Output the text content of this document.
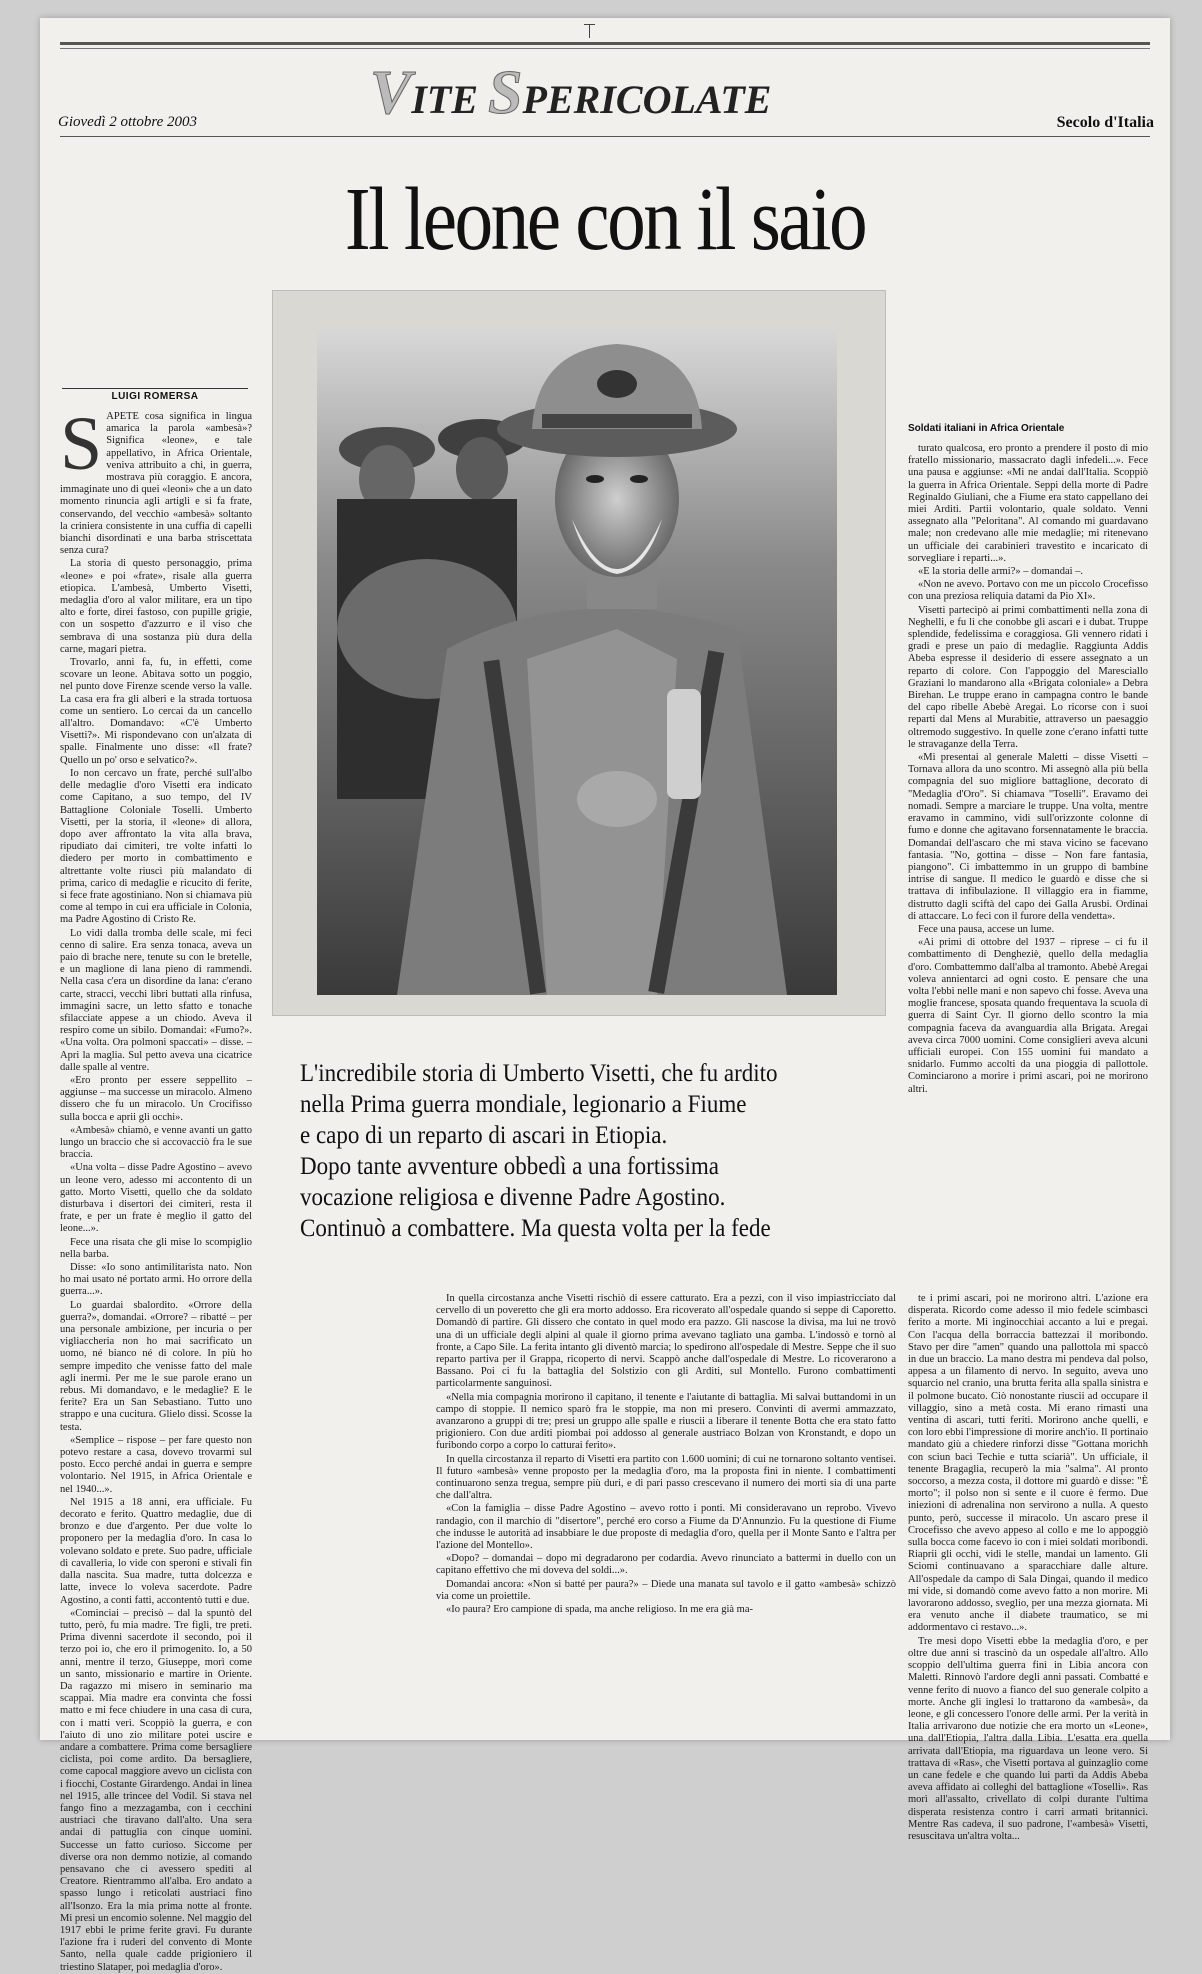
VITE SPERICOLATE
Giovedì 2 ottobre 2003	Secolo d'Italia
Il leone con il saio
LUIGI ROMERSA
S APETE cosa significa in lingua amarica la parola «ambesà»? Significa «leone», e tale appellativo, in Africa Orientale, veniva attribuito a chi, in guerra, mostrava più coraggio. E ancora, immaginate uno di quei «leoni» che a un dato momento rinuncia agli artigli e si fa frate, conservando, del vecchio «ambesà» soltanto la criniera consistente in una cuffia di capelli bianchi disordinati e una barba striscettata senza cura?

La storia di questo personaggio, prima «leone» e poi «frate», risale alla guerra etiopica. L'ambesà, Umberto Visetti, medaglia d'oro al valor militare, era un tipo alto e forte, direi fastoso, con pupille grigie, con un sospetto d'azzurro e il viso che sembrava di una sostanza più dura della carne, magari pietra.

Trovarlo, anni fa, fu, in effetti, come scovare un leone. Abitava sotto un poggio, nel punto dove Firenze scende verso la valle. La casa era fra gli alberi e la strada tortuosa come un sentiero. Lo cercai da un cancello all'altro. Domandavo: «C'è Umberto Visetti?». Mi rispondevano con un'alzata di spalle. Finalmente uno disse: «Il frate? Quello un po' orso e selvatico?».

Io non cercavo un frate, perché sull'albo delle medaglie d'oro Visetti era indicato come Capitano, a suo tempo, del IV Battaglione Coloniale Toselli. Umberto Visetti, per la storia, il «leone» di allora, dopo aver affrontato la vita alla brava, ripudiato dai cimiteri, tre volte infatti lo diedero per morto in combattimento e altrettante volte riuscì più malandato di prima, carico di medaglie e ricucito di ferite, si fece frate agostiniano. Non si chiamava più come al tempo in cui era ufficiale in Colonia, ma Padre Agostino di Cristo Re.

Lo vidi dalla tromba delle scale, mi feci cenno di salire. Era senza tonaca, aveva un paio di brache nere, tenute su con le bretelle, e un maglione di lana pieno di rammendi. Nella casa c'era un disordine da lana: c'erano carte, stracci, vecchi libri buttati alla rinfusa, immagini sacre, un letto sfatto e tonache sfilacciate appese a un chiodo. Aveva il respiro come un sibilo. Domandai: «Fumo?». «Una volta. Ora polmoni spaccati» – disse. – Apri la maglia. Sul petto aveva una cicatrice dalle spalle al ventre.

«Ero pronto per essere seppellito – aggiunse – ma successe un miracolo. Almeno dissero che fu un miracolo. Un Crocifisso sulla bocca e aprii gli occhi».

«Ambesà» chiamò, e venne avanti un gatto lungo un braccio che si accovacciò fra le sue braccia.

«Una volta – disse Padre Agostino – avevo un leone vero, adesso mi accontento di un gatto. Morto Visetti, quello che da soldato disturbava i disertori dei cimiteri, resta il frate, e per un frate è meglio il gatto del leone...».

Fece una risata che gli mise lo scompiglio nella barba.

Disse: «Io sono antimilitarista nato. Non ho mai usato né portato armi. Ho orrore della guerra...».

Lo guardai sbalordito. «Orrore della guerra?», domandai. «Orrore? – ribatté – per una personale ambizione, per incuria o per vigliaccheria non ho mai sacrificato un uomo, né bianco né di colore. In più ho sempre impedito che venisse fatto del male agli inermi. Per me le sue parole erano un rebus. Mi domandavo, e le medaglie? E le ferite? Era un San Sebastiano. Tutto uno strappo e una cucitura. Glielo dissi. Scosse la testa.

«Semplice – rispose – per fare questo non potevo restare a casa, dovevo trovarmi sul posto. Ecco perché andai in guerra e sempre volontario. Nel 1915, in Africa Orientale e nel 1940...».

Nel 1915 a 18 anni, era ufficiale. Fu decorato e ferito. Quattro medaglie, due di bronzo e due d'argento. Per due volte lo proponero per la medaglia d'oro. In casa lo volevano soldato e prete. Suo padre, ufficiale di cavalleria, lo vide con speroni e stivali fin dalla nascita. Sua madre, tutta dolcezza e latte, invece lo voleva sacerdote. Padre Agostino, a conti fatti, accontentò tutti e due.

«Cominciai – precisò – dal la spuntò del tutto, però, fu mia madre. Tre figli, tre preti. Prima divenni sacerdote il secondo, poi il terzo poi io, che ero il primogenito. Io, a 50 anni, mentre il terzo, Giuseppe, morì come un santo, missionario e martire in Oriente. Da ragazzo mi misero in seminario ma scappai. Mia madre era convinta che fossi matto e mi fece chiudere in una casa di cura, con i matti veri. Scoppiò la guerra, e con l'aiuto di uno zio militare potei uscire e andare a combattere. Prima come bersagliere ciclista, poi come ardito. Da bersagliere, come capocal maggiore avevo un ciclista con i fiocchi, Costante Girardengo. Andai in linea nel 1915, alle trincee del Vodil. Si stava nel fango fino a mezzagamba, con i cecchini austriaci che tiravano dall'alto. Una sera andai di pattuglia con cinque uomini. Successe un fatto curioso. Siccome per diverse ora non demmo notizie, al comando pensavano che ci avessero spediti al Creatore. Rientrammo all'alba. Ero andato a spasso lungo i reticolati austriaci fino all'Isonzo. Era la mia prima notte al fronte. Mi presi un encomio solenne. Nel maggio del 1917 ebbi le prime ferite gravi. Fu durante l'azione fra i ruderi del convento di Monte Santo, nella quale cadde prigioniero il triestino Slataper, poi medaglia d'oro».

Soldati italiani in Africa Orientale

turato qualcosa, ero pronto a prendere il posto di mio fratello missionario, massacrato dagli infedeli...». Fece una pausa e aggiunse: «Mi ne andai dall'Italia. Scoppiò la guerra in Africa Orientale. Seppi della morte di Padre Reginaldo Giuliani, che a Fiume era stato cappellano dei miei Arditi. Partii volontario, quale soldato. Venni assegnato alla "Peloritana". Al comando mi guardavano male; non credevano alle mie medaglie; mi ritenevano un ufficiale dei carabinieri travestito e incaricato di sorvegliare i reparti...».

«E la storia delle armi?» – domandai –.

«Non ne avevo. Portavo con me un piccolo Crocefisso con una preziosa reliquia datami da Pio XI».

Visetti partecipò ai primi combattimenti nella zona di Neghelli, e fu lì che conobbe gli ascari e i dubat. Truppe splendide, fedelissima e coraggiosa. Gli vennero ridati i gradi e prese un paio di medaglie. Raggiunta Addis Abeba espresse il desiderio di essere assegnato a un reparto di colore. Con l'appoggio del Maresciallo Graziani lo mandarono alla «Brigata coloniale» a Debra Birehan. Le truppe erano in campagna contro le bande del capo ribelle Abebè Aregai. Lo ricorse con i suoi reparti dal Mens al Murabitie, attraverso un paesaggio oltremodo suggestivo. In quelle zone c'erano infatti tutte le stravaganze della Terra.

«Mi presentai al generale Maletti – disse Visetti – Tornava allora da uno scontro. Mi assegnò alla più bella compagnia del suo migliore battaglione, decorato di "Medaglia d'Oro". Si chiamava "Toselli". Eravamo dei nomadi. Sempre a marciare le truppe. Una volta, mentre eravamo in cammino, vidi sull'orizzonte colonne di fumo e donne che agitavano forsennatamente le braccia. Domandai dell'ascaro che mi stava vicino se facevano fantasia. "No, gottina – disse – Non fare fantasia, piangono". Ci imbattemmo in un gruppo di bambine intrise di sangue. Il medico le guardò e disse che si trattava di infibulazione. Il villaggio era in fiamme, distrutto dagli sciftà del capo dei Galla Arusbi. Ordinai di attaccare. Lo feci con il furore della vendetta».

Fece una pausa, accese un lume.

«Ai primi di ottobre del 1937 – riprese – ci fu il combattimento di Dengheziè, quello della medaglia d'oro. Combattemmo dall'alba al tramonto. Abebè Aregai voleva annientarci ad ogni costo. E pensare che una volta l'ebbi nelle mani e non sapevo chi fosse. Aveva una moglie francese, sposata quando frequentava la scuola di guerra di Saint Cyr. Il giorno dello scontro la mia compagnia faceva da avanguardia alla Brigata. Aregai aveva circa 7000 uomini. Come consiglieri aveva alcuni ufficiali europei. Con 155 uomini fui mandato a snidarlo. Fummo accolti da una pioggia di pallottole. Cominciarono a morire i primi ascari, poi ne morirono altri.

L'incredibile storia di Umberto Visetti, che fu ardito
nella Prima guerra mondiale, legionario a Fiume
e capo di un reparto di ascari in Etiopia.
Dopo tante avventure obbedì a una fortissima
vocazione religiosa e divenne Padre Agostino.
Continuò a combattere. Ma questa volta per la fede

In quella circostanza anche Visetti rischiò di essere catturato. Era a pezzi, con il viso impiastricciato dal cervello di un poveretto che gli era morto addosso. Era ricoverato all'ospedale quando si seppe di Caporetto. Domandò di partire. Gli dissero che contato in quel modo era pazzo. Gli nascose la divisa, ma lui ne trovò una di un ufficiale degli alpini al quale il giorno prima avevano tagliato una gamba. L'indossò e tornò al fronte, a Capo Sile. La ferita intanto gli diventò marcia; lo spedirono all'ospedale di Mestre. Seppe che il suo reparto partiva per il Grappa, ricoperto di nervi. Scappò anche dall'ospedale di Mestre. Lo ricoverarono a Bassano. Poi ci fu la battaglia del Solstizio con gli Arditi, sul Montello. Furono combattimenti particolarmente sanguinosi.

«Nella mia compagnia morirono il capitano, il tenente e l'aiutante di battaglia. Mi salvai buttandomi in un campo di stoppie. Il nemico sparò fra le stoppie, ma non mi presero. Convinti di avermi ammazzato, avanzarono a gruppi di tre; presi un gruppo alle spalle e riuscii a liberare il tenente Botta che era stato fatto prigioniero. Con due arditi piombai poi addosso al generale austriaco Bolzan von Kronstandt, e dopo un furibondo corpo a corpo lo catturai ferito».

In quella circostanza il reparto di Visetti era partito con 1.600 uomini; di cui ne tornarono soltanto ventisei. Il futuro «ambesà» venne proposto per la medaglia d'oro, ma la proposta finì in niente. I combattimenti continuarono senza tregua, sempre più duri, e di pari passo crescevano il numero dei morti sia di una parte che dall'altra.

«Con la famiglia – disse Padre Agostino – avevo rotto i ponti. Mi consideravano un reprobo. Vivevo randagio, con il marchio di "disertore", perché ero corso a Fiume da D'Annunzio. Fu la questione di Fiume che indusse le autorità ad insabbiare le due proposte di medaglia d'oro, quella per il Monte Santo e l'altra per l'azione del Montello».

«Dopo? – domandai – dopo mi degradarono per codardia. Avevo rinunciato a battermi in duello con un capitano effettivo che mi doveva del soldi...».

Domandai ancora: «Non si batté per paura?» – Diede una manata sul tavolo e il gatto «ambesà» schizzò via come un proiettile.

«Io paura? Ero campione di spada, ma anche religioso. In me era già ma-

te i primi ascari, poi ne morirono altri. L'azione era disperata. Ricordo come adesso il mio fedele scimbasci ferito a morte. Mi inginocchiai accanto a lui e pregai. Con l'acqua della borraccia battezzai il moribondo. Stavo per dire "amen" quando una pallottola mi spaccò in due un braccio. La mano destra mi pendeva dal polso, appesa a un filamento di nervo. In seguito, aveva uno squarcio nel cranio, una brutta ferita alla spalla sinistra e il polmone bucato. Ciò nonostante riuscii ad occupare il villaggio, sino a metà costa. Mi erano rimasti una ventina di ascari, tutti feriti. Morirono anche quelli, e con loro ebbi l'impressione di morire anch'io. Il portinaio mandato giù a chiedere rinforzi disse "Gottana morichh con sciun bacì Techie e tutta sciarià". Un ufficiale, il tenente Bragaglia, recuperò la mia "salma". Al pronto soccorso, a mezza costa, il dottore mi guardò e disse: "È morto"; il polso non si sente e il cuore è fermo. Due iniezioni di adrenalina non servirono a nulla. A questo punto, però, successe il miracolo. Un ascaro prese il Crocefisso che avevo appeso al collo e me lo appoggiò sulla bocca come facevo io con i miei soldati moribondi. Riaprii gli occhi, vidi le stelle, mandai un lamento. Gli Sciomi continuavano a sparacchiare dalle alture. All'ospedale da campo di Sala Dingai, quando il medico mi vide, si domandò come avevo fatto a non morire. Mi lavorarono addosso, sveglio, per una mezza giornata. Mi era venuto anche il diabete traumatico, se mi addormentavo ci restavo...».

Tre mesi dopo Visetti ebbe la medaglia d'oro, e per oltre due anni si trascinò da un ospedale all'altro. Allo scoppio dell'ultima guerra finì in Libia ancora con Maletti. Rinnovò l'ardore degli anni passati. Combatté e venne ferito di nuovo a fianco del suo generale colpito a morte. Anche gli inglesi lo trattarono da «ambesà», da leone, e gli concessero l'onore delle armi. Per la verità in Italia arrivarono due notizie che era morto un «Leone», una dall'Etiopia, l'altra dalla Libia. L'esatta era quella arrivata dall'Etiopia, ma riguardava un leone vero. Si trattava di «Ras», che Visetti portava al guinzaglio come un cane fedele e che quando lui partì da Addis Abeba aveva affidato ai colleghi del battaglione «Toselli». Ras morì all'assalto, crivellato di colpi durante l'ultima disperata resistenza contro i carri armati britannici. Mentre Ras cadeva, il suo padrone, l'«ambesà» Visetti, resuscitava un'altra volta...
